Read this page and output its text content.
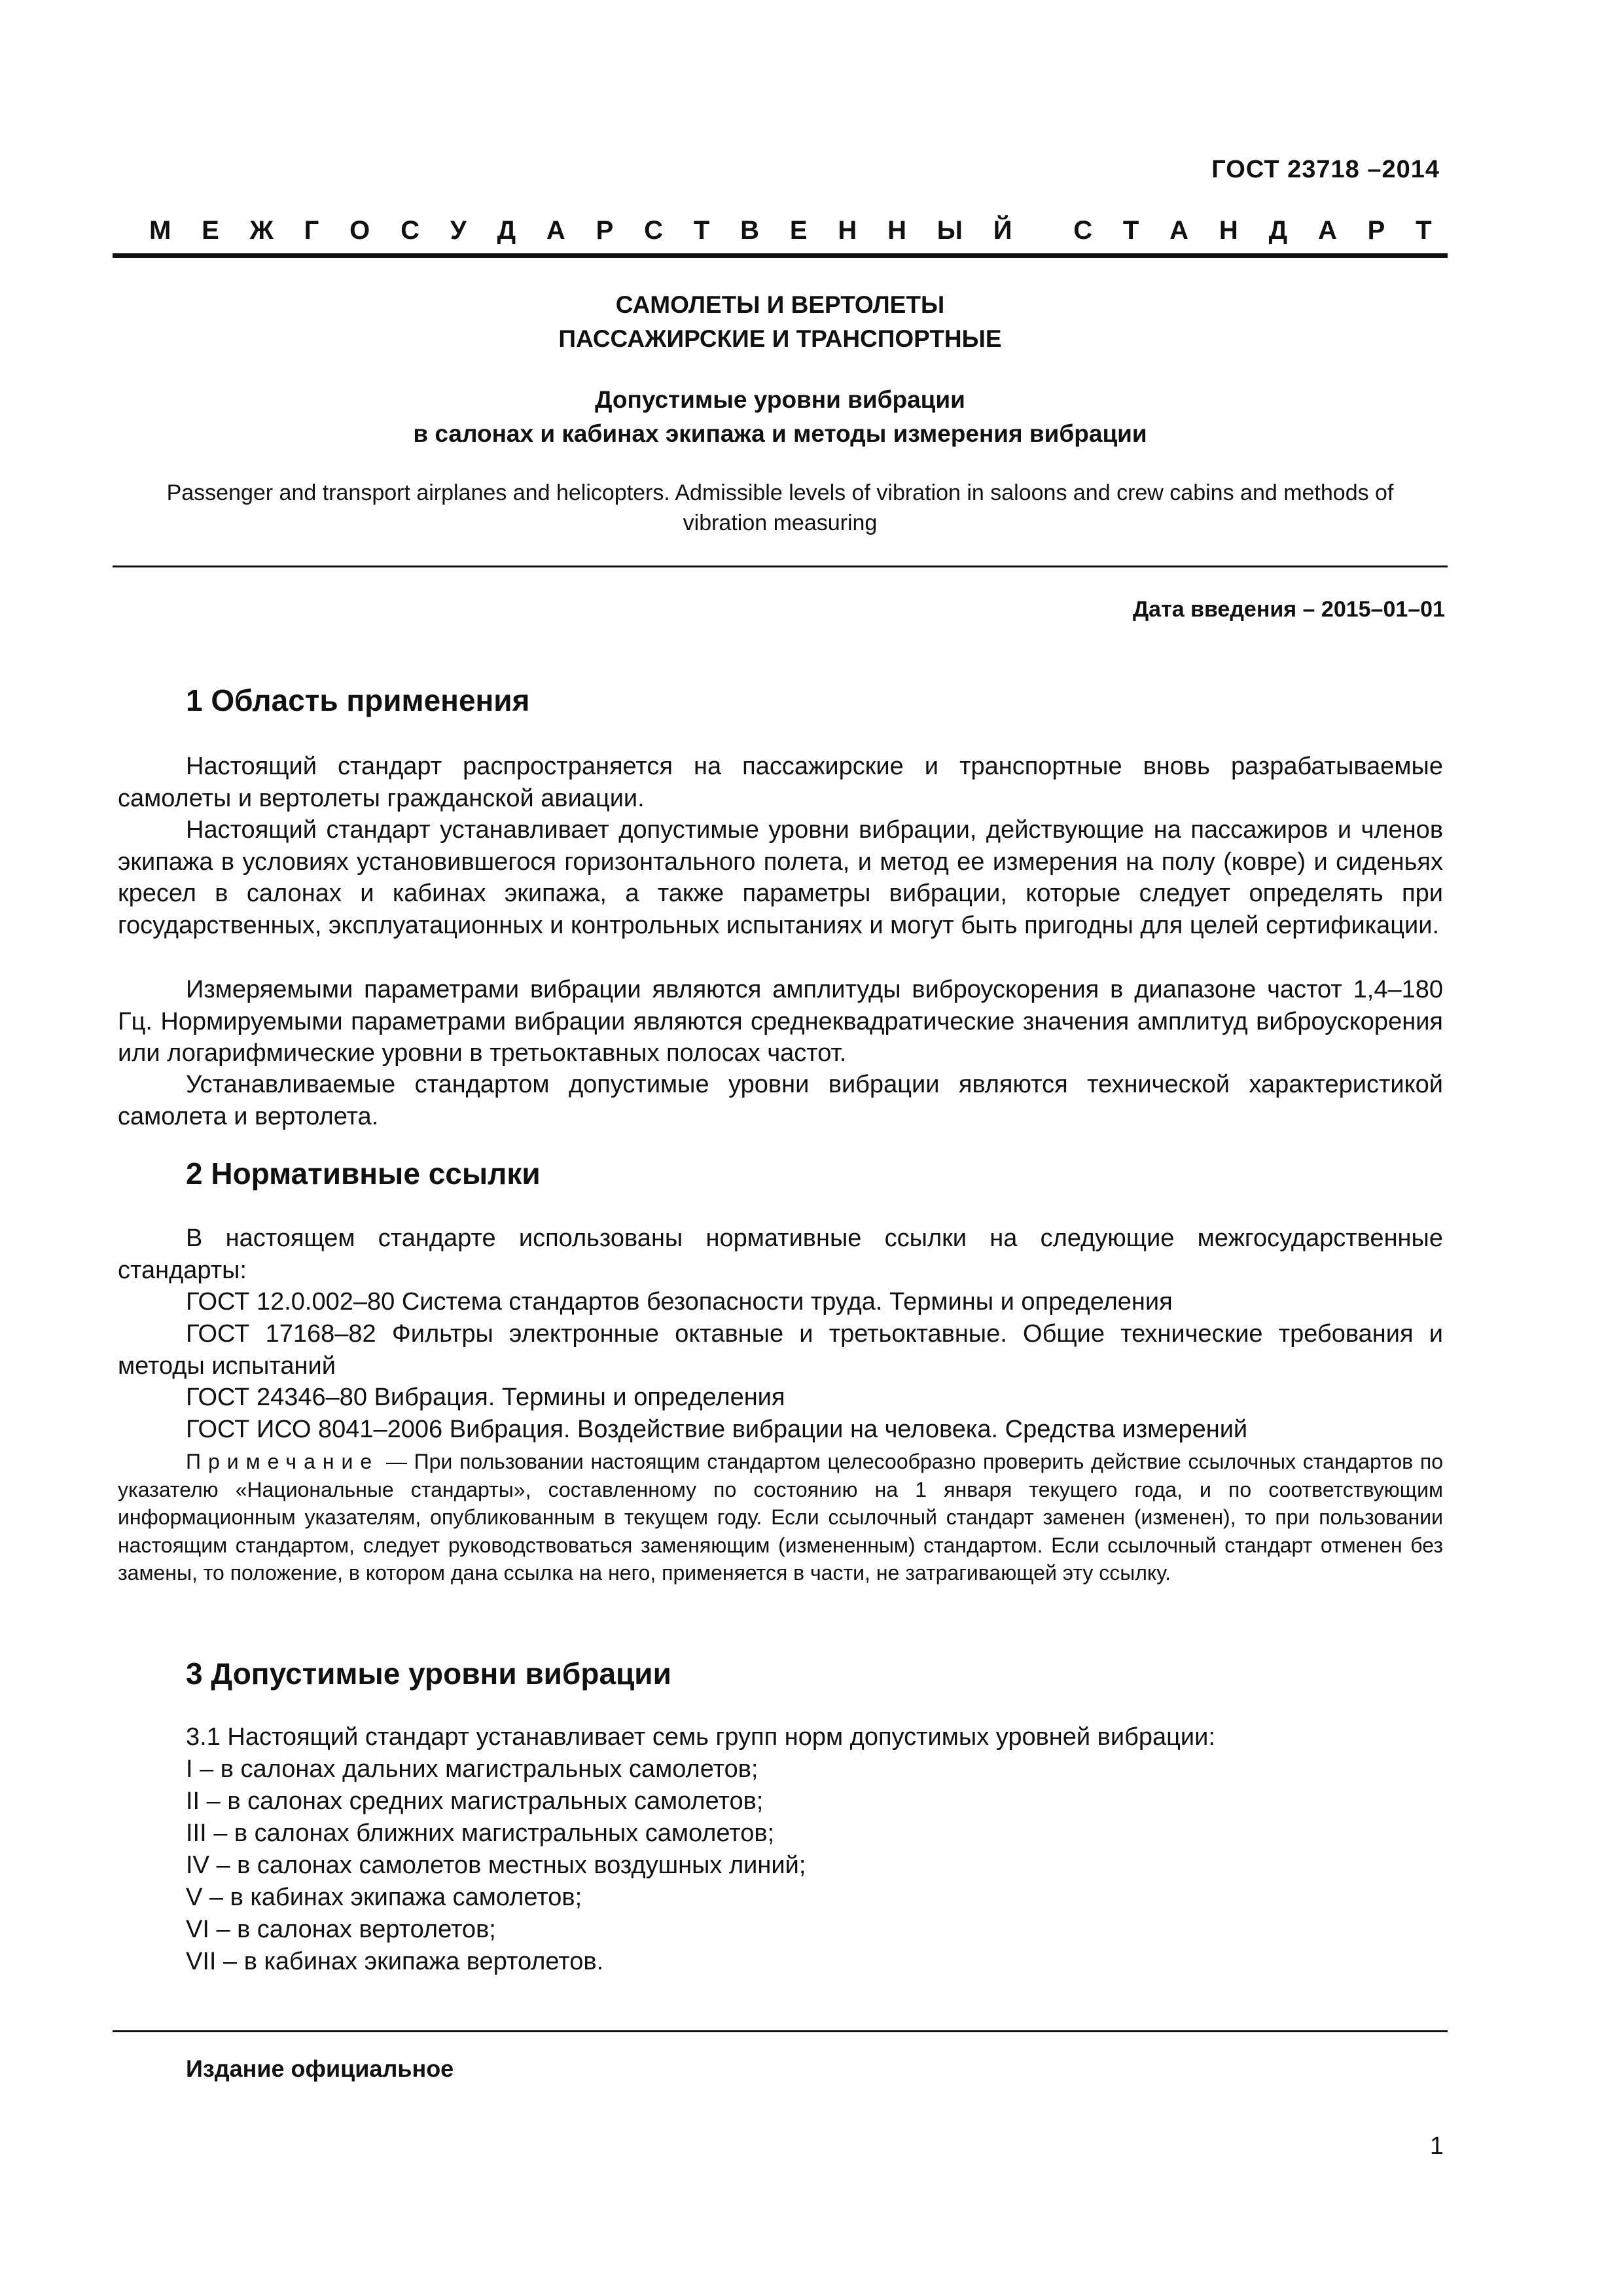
ГОСТ 23718 –2014
М Е Ж Г О С У Д А Р С Т В Е Н Н Ы Й С Т А Н Д А Р Т
САМОЛЕТЫ И ВЕРТОЛЕТЫ
ПАССАЖИРСКИЕ И ТРАНСПОРТНЫЕ
Допустимые уровни вибрации
в салонах и кабинах экипажа и методы измерения вибрации
Passenger and transport airplanes and helicopters. Admissible levels of vibration in saloons and crew cabins and methods of vibration measuring
Дата введения – 2015–01–01
1 Область применения

Настоящий стандарт распространяется на пассажирские и транспортные вновь разрабатываемые самолеты и вертолеты гражданской авиации.

Настоящий стандарт устанавливает допустимые уровни вибрации, действующие на пассажиров и членов экипажа в условиях установившегося горизонтального полета, и метод ее измерения на полу (ковре) и сиденьях кресел в салонах и кабинах экипажа, а также параметры вибрации, которые следует определять при государственных, эксплуатационных и контрольных испытаниях и могут быть пригодны для целей сертификации.

Измеряемыми параметрами вибрации являются амплитуды виброускорения в диапазоне частот 1,4–180 Гц. Нормируемыми параметрами вибрации являются среднеквадратические значения амплитуд виброускорения или логарифмические уровни в третьоктавных полосах частот.

Устанавливаемые стандартом допустимые уровни вибрации являются технической характеристикой самолета и вертолета.

2 Нормативные ссылки

В настоящем стандарте использованы нормативные ссылки на следующие межгосударственные стандарты:

ГОСТ 12.0.002–80 Система стандартов безопасности труда. Термины и определения

ГОСТ 17168–82 Фильтры электронные октавные и третьоктавные. Общие технические требования и методы испытаний

ГОСТ 24346–80 Вибрация. Термины и определения

ГОСТ ИСО 8041–2006 Вибрация. Воздействие вибрации на человека. Средства измерений

Примечание — При пользовании настоящим стандартом целесообразно проверить действие ссылочных стандартов по указателю «Национальные стандарты», составленному по состоянию на 1 января текущего года, и по соответствующим информационным указателям, опубликованным в текущем году. Если ссылочный стандарт заменен (изменен), то при пользовании настоящим стандартом, следует руководствоваться заменяющим (измененным) стандартом. Если ссылочный стандарт отменен без замены, то положение, в котором дана ссылка на него, применяется в части, не затрагивающей эту ссылку.

3 Допустимые уровни вибрации

3.1 Настоящий стандарт устанавливает семь групп норм допустимых уровней вибрации:

I – в салонах дальних магистральных самолетов;
II – в салонах средних магистральных самолетов;
III – в салонах ближних магистральных самолетов;
IV – в салонах самолетов местных воздушных линий;
V – в кабинах экипажа самолетов;
VI – в салонах вертолетов;
VII – в кабинах экипажа вертолетов.
Издание официальное
1
